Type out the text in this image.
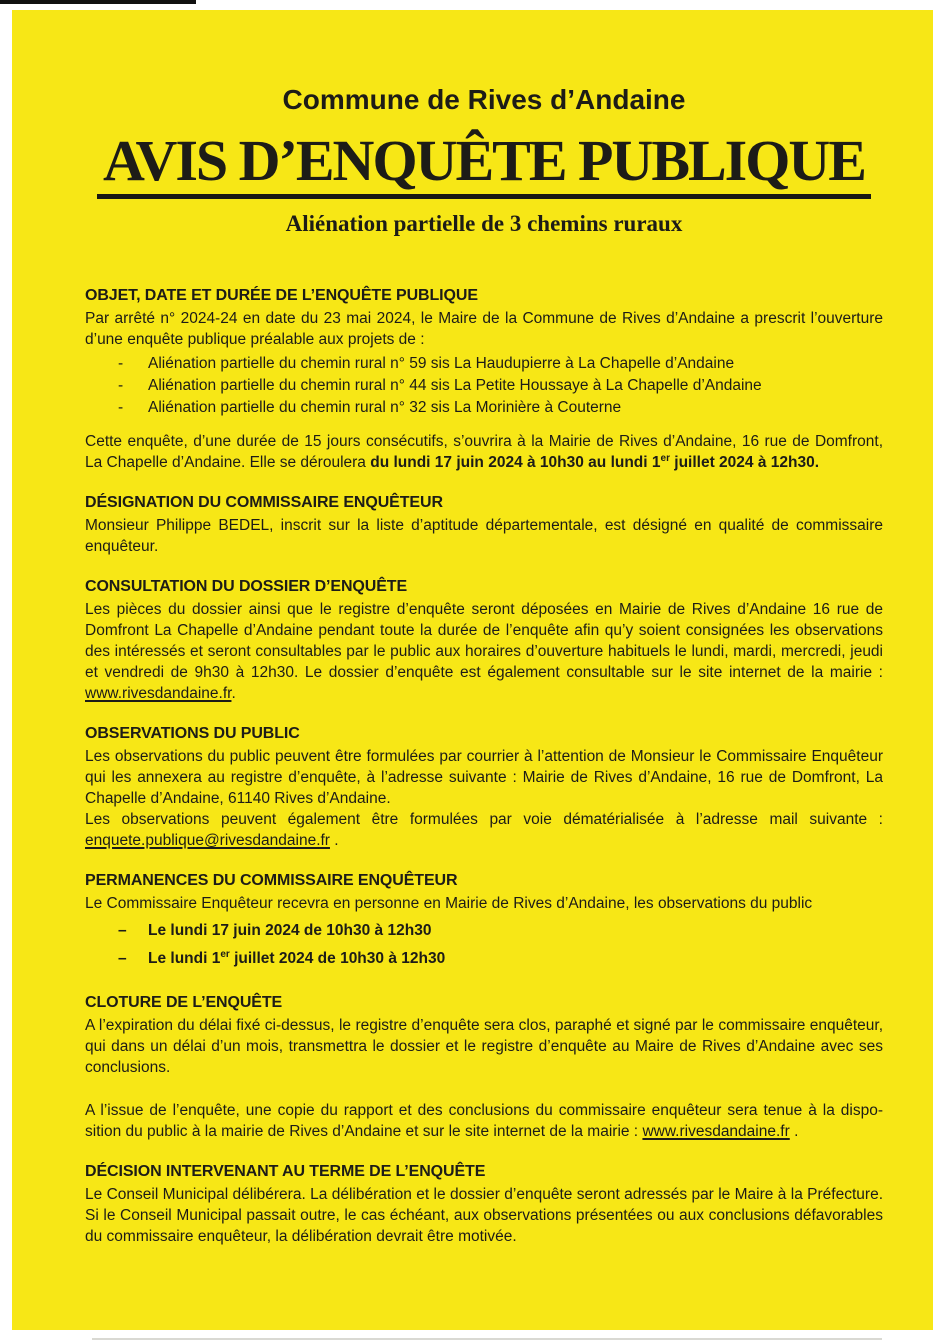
Commune de Rives d’Andaine
AVIS D’ENQUÊTE PUBLIQUE
Aliénation partielle de 3 chemins ruraux
OBJET, DATE ET DURÉE DE L’ENQUÊTE PUBLIQUE

Par arrêté n° 2024-24 en date du 23 mai 2024, le Maire de la Commune de Rives d’Andaine a prescrit l’ouverture d’une enquête publique préalable aux projets de :

-	Aliénation partielle du chemin rural n° 59 sis La Haudupierre à La Chapelle d’Andaine
-	Aliénation partielle du chemin rural n° 44 sis La Petite Houssaye à La Chapelle d’Andaine
-	Aliénation partielle du chemin rural n° 32 sis La Morinière à Couterne

Cette enquête, d’une durée de 15 jours consécutifs, s’ouvrira à la Mairie de Rives d’Andaine, 16 rue de Domfront, La Chapelle d’Andaine. Elle se déroulera du lundi 17 juin 2024 à 10h30 au lundi 1er juillet 2024 à 12h30.

DÉSIGNATION DU COMMISSAIRE ENQUÊTEUR

Monsieur Philippe BEDEL, inscrit sur la liste d’aptitude départementale, est désigné en qualité de commissaire enquêteur.

CONSULTATION DU DOSSIER D’ENQUÊTE

Les pièces du dossier ainsi que le registre d’enquête seront déposées en Mairie de Rives d’Andaine 16 rue de Domfront La Chapelle d’Andaine pendant toute la durée de l’enquête afin qu’y soient consignées les observations des intéressés et seront consultables par le public aux horaires d’ouverture habituels le lundi, mardi, mercredi, jeudi et vendredi de 9h30 à 12h30. Le dossier d’enquête est également consultable sur le site internet de la mairie : www.rivesdandaine.fr.

OBSERVATIONS DU PUBLIC

Les observations du public peuvent être formulées par courrier à l’attention de Monsieur le Commissaire Enquêteur qui les annexera au registre d’enquête, à l’adresse suivante : Mairie de Rives d’Andaine, 16 rue de Domfront, La Chapelle d’Andaine, 61140 Rives d’Andaine.

Les observations peuvent également être formulées par voie dématérialisée à l’adresse mail suivante : enquete.publique@rivesdandaine.fr .

PERMANENCES DU COMMISSAIRE ENQUÊTEUR

Le Commissaire Enquêteur recevra en personne en Mairie de Rives d’Andaine, les observations du public

–	Le lundi 17 juin 2024 de 10h30 à 12h30
–	Le lundi 1er juillet 2024 de 10h30 à 12h30
CLOTURE DE L’ENQUÊTE

A l’expiration du délai fixé ci-dessus, le registre d’enquête sera clos, paraphé et signé par le commissaire enquêteur, qui dans un délai d’un mois, transmettra le dossier et le registre d’enquête au Maire de Rives d’Andaine avec ses conclusions.

A l’issue de l’enquête, une copie du rapport et des conclusions du commissaire enquêteur sera tenue à la disposition du public à la mairie de Rives d’Andaine et sur le site internet de la mairie : www.rivesdandaine.fr .

DÉCISION INTERVENANT AU TERME DE L’ENQUÊTE

Le Conseil Municipal délibérera. La délibération et le dossier d’enquête seront adressés par le Maire à la Préfecture. Si le Conseil Municipal passait outre, le cas échéant, aux observations présentées ou aux conclusions défavorables du commissaire enquêteur, la délibération devrait être motivée.
